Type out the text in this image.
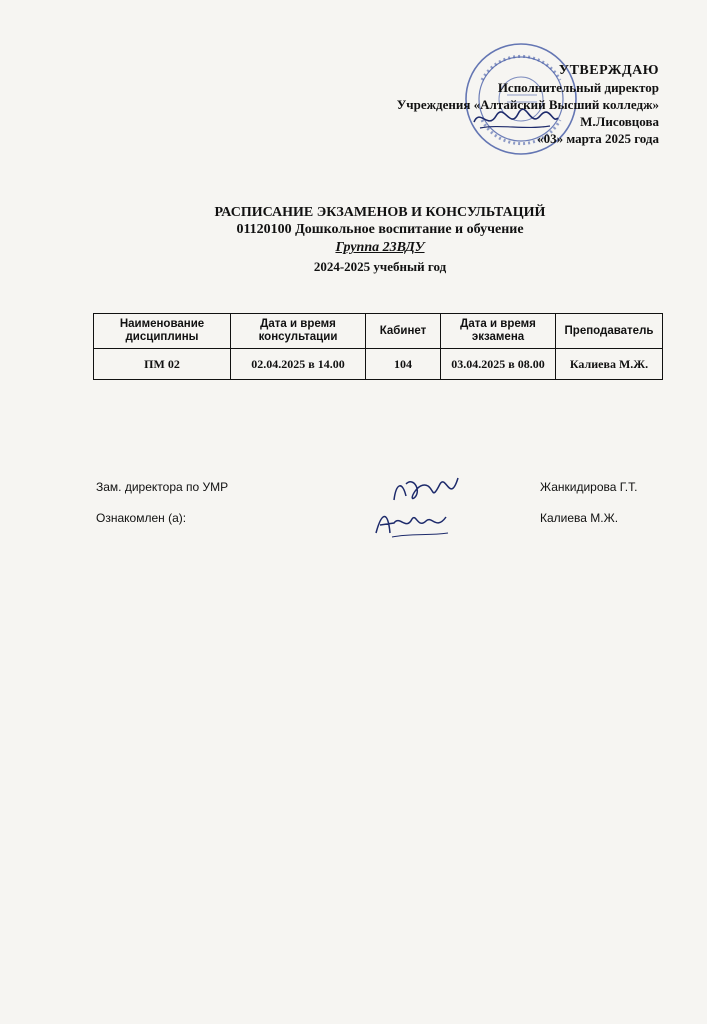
УТВЕРЖДАЮ
Исполнительный директор
Учреждения «Алтайский Высший колледж»
М.Лисовцова
«03» марта 2025 года
РАСПИСАНИЕ ЭКЗАМЕНОВ И КОНСУЛЬТАЦИЙ
01120100 Дошкольное воспитание и обучение
Группа 23ВДУ
2024-2025 учебный год
Наименование дисциплины	Дата и время консультации	Кабинет	Дата и время экзамена	Преподаватель
ПМ 02	02.04.2025 в 14.00	104	03.04.2025 в 08.00	Калиева М.Ж.
Зам. директора по УМР	Жанкидирова Г.Т.
Ознакомлен (а):	Калиева М.Ж.
